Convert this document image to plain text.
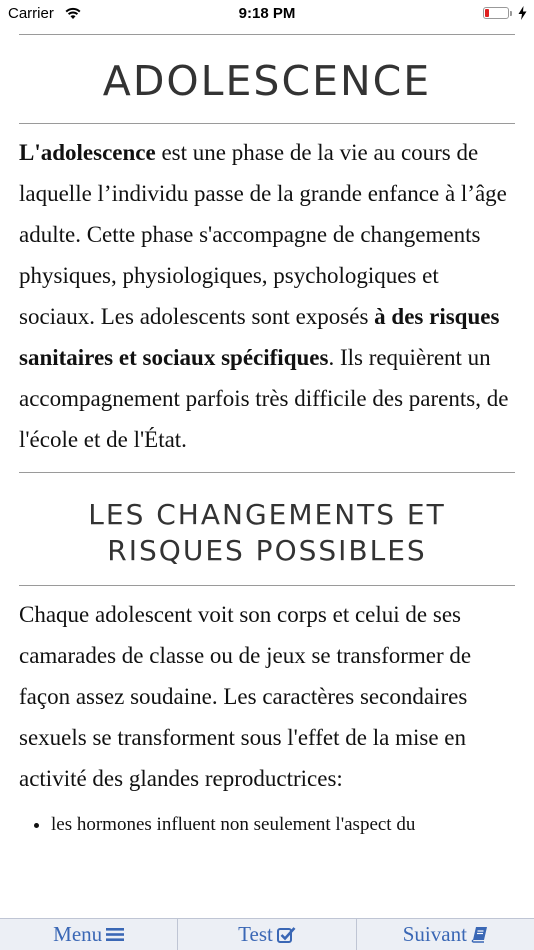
Carrier	9:18 PM
ADOLESCENCE

L'adolescence est une phase de la vie au cours de laquelle l’individu passe de la grande enfance à l’âge adulte. Cette phase s'accompagne de changements physiques, physiologiques, psychologiques et sociaux. Les adolescents sont exposés à des risques sanitaires et sociaux spécifiques. Ils requièrent un accompagnement parfois très difficile des parents, de l'école et de l'État.

LES CHANGEMENTS ET RISQUES POSSIBLES

Chaque adolescent voit son corps et celui de ses camarades de classe ou de jeux se transformer de façon assez soudaine. Les caractères secondaires sexuels se transforment sous l'effet de la mise en activité des glandes reproductrices:

• les hormones influent non seulement l'aspect du
Menu	Test	Suivant
